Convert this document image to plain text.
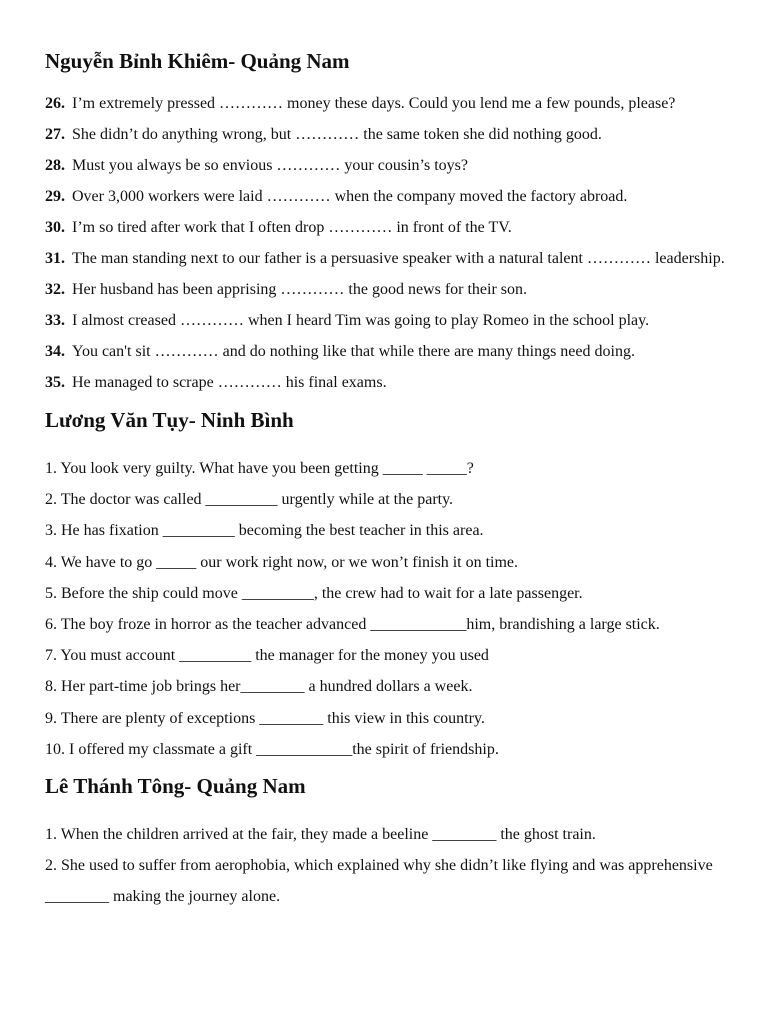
Nguyễn Bỉnh Khiêm- Quảng Nam
26. I’m extremely pressed ………… money these days. Could you lend me a few pounds, please?
27. She didn’t do anything wrong, but ………… the same token she did nothing good.
28. Must you always be so envious ………… your cousin’s toys?
29. Over 3,000 workers were laid ………… when the company moved the factory abroad.
30. I’m so tired after work that I often drop ………… in front of the TV.
31. The man standing next to our father is a persuasive speaker with a natural talent ………… leadership.
32. Her husband has been apprising ………… the good news for their son.
33. I almost creased ………… when I heard Tim was going to play Romeo in the school play.
34. You can't sit ………… and do nothing like that while there are many things need doing.
35. He managed to scrape ………… his final exams.
Lương Văn Tụy- Ninh Bình
1. You look very guilty. What have you been getting _____ _____?
2. The doctor was called _________ urgently while at the party.
3. He has fixation _________ becoming the best teacher in this area.
4. We have to go _____ our work right now, or we won’t finish it on time.
5. Before the ship could move _________, the crew had to wait for a late passenger.
6. The boy froze in horror as the teacher advanced ____________him, brandishing a large stick.
7. You must account _________ the manager for the money you used
8. Her part-time job brings her________ a hundred dollars a week.
9. There are plenty of exceptions ________ this view in this country.
10. I offered my classmate a gift ____________the spirit of friendship.
Lê Thánh Tông- Quảng Nam
1. When the children arrived at the fair, they made a beeline ________ the ghost train.
2. She used to suffer from aerophobia, which explained why she didn’t like flying and was apprehensive ________ making the journey alone.
